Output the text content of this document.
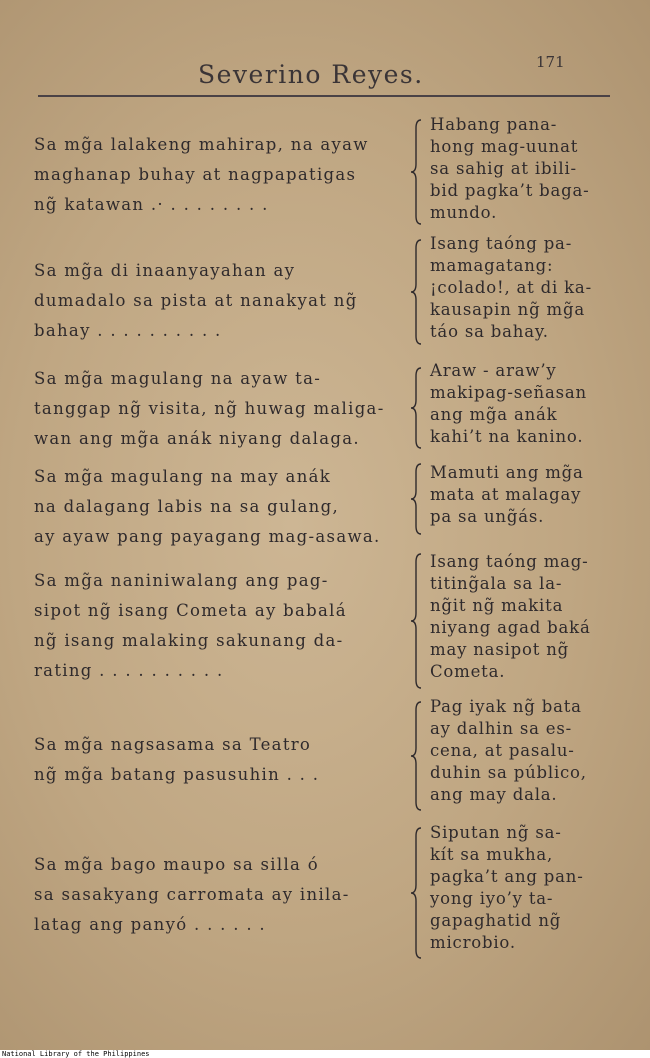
Severino Reyes.	171
Sa mg̃a lalakeng mahirap, na ayaw
maghanap buhay at nagpapatigas
ng̃ katawan .· . . . . . . . .
Habang pana-
hong mag-uunat
sa sahig at ibili-
bid pagka’t baga-
mundo.
Sa mg̃a di inaanyayahan ay
dumadalo sa pista at nanakyat ng̃
bahay . . . . . . . . . .
Isang taóng pa-
mamagatang:
¡colado!, at di ka-
kausapin ng̃ mg̃a
táo sa bahay.
Sa mg̃a magulang na ayaw ta-
tanggap ng̃ visita, ng̃ huwag maliga-
wan ang mg̃a anák niyang dalaga.
Araw - araw’y
makipag-señasan
ang mg̃a anák
kahi’t na kanino.
Sa mg̃a magulang na may anák
na dalagang labis na sa gulang,
ay ayaw pang payagang mag-asawa.
Mamuti ang mg̃a
mata at malagay
pa sa ung̃ás.
Sa mg̃a naniniwalang ang pag-
sipot ng̃ isang Cometa ay babalá
ng̃ isang malaking sakunang da-
rating . . . . . . . . . .
Isang taóng mag-
titing̃ala sa la-
ng̃it ng̃ makita
niyang agad baká
may nasipot ng̃
Cometa.
Sa mg̃a nagsasama sa Teatro
ng̃ mg̃a batang pasusuhin . . .
Pag iyak ng̃ bata
ay dalhin sa es-
cena, at pasalu-
duhin sa público,
ang may dala.
Sa mg̃a bago maupo sa silla ó
sa sasakyang carromata ay inila-
latag ang panyó . . . . . .
Siputan ng̃ sa-
kít sa mukha,
pagka’t ang pan-
yong iyo’y ta-
gapaghatid ng̃
microbio.
National Library of the Philippines
